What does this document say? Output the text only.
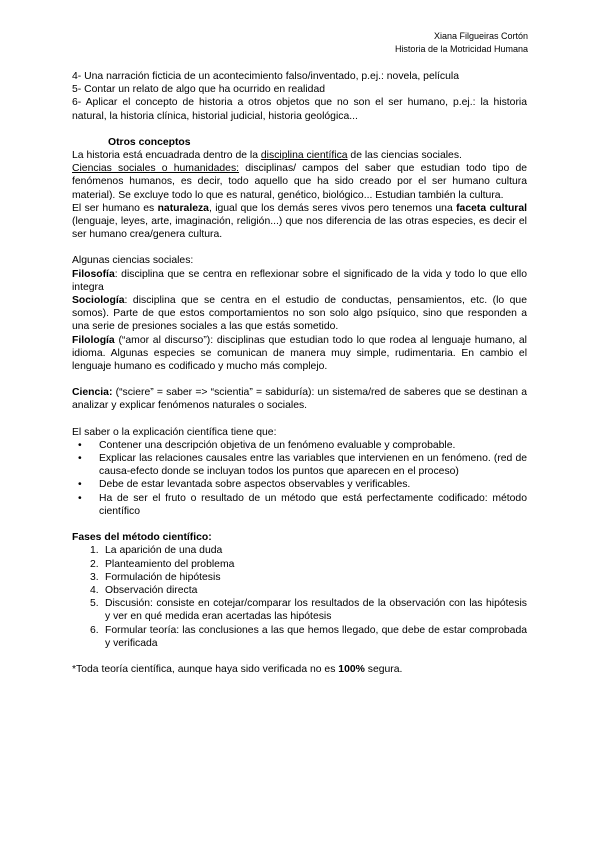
Xiana Filgueiras Cortón
Historia de la Motricidad Humana

4- Una narración ficticia de un acontecimiento falso/inventado, p.ej.: novela, película

5- Contar un relato de algo que ha ocurrido en realidad

6- Aplicar el concepto de historia a otros objetos que no son el ser humano, p.ej.: la historia natural, la historia clínica, historial judicial, historia geológica...

Otros conceptos

La historia está encuadrada dentro de la disciplina científica de las ciencias sociales.

Ciencias sociales o humanidades: disciplinas/ campos del saber que estudian todo tipo de fenómenos humanos, es decir, todo aquello que ha sido creado por el ser humano cultura material). Se excluye todo lo que es natural, genético, biológico... Estudian también la cultura.

El ser humano es naturaleza, igual que los demás seres vivos pero tenemos una faceta cultural (lenguaje, leyes, arte, imaginación, religión...) que nos diferencia de las otras especies, es decir el ser humano crea/genera cultura.

Algunas ciencias sociales:

Filosofía: disciplina que se centra en reflexionar sobre el significado de la vida y todo lo que ello integra

Sociología: disciplina que se centra en el estudio de conductas, pensamientos, etc. (lo que somos). Parte de que estos comportamientos no son solo algo psíquico, sino que responden a una serie de presiones sociales a las que estás sometido.

Filología (“amor al discurso”): disciplinas que estudian todo lo que rodea al lenguaje humano, al idioma. Algunas especies se comunican de manera muy simple, rudimentaria. En cambio el lenguaje humano es codificado y mucho más complejo.

Ciencia: (“sciere” = saber => “scientia” = sabiduría): un sistema/red de saberes que se destinan a analizar y explicar fenómenos naturales o sociales.

El saber o la explicación científica tiene que:

• Contener una descripción objetiva de un fenómeno evaluable y comprobable.
• Explicar las relaciones causales entre las variables que intervienen en un fenómeno. (red de causa-efecto donde se incluyan todos los puntos que aparecen en el proceso)
• Debe de estar levantada sobre aspectos observables y verificables.
• Ha de ser el fruto o resultado de un método que está perfectamente codificado: método científico

Fases del método científico:

1. La aparición de una duda
2. Planteamiento del problema
3. Formulación de hipótesis
4. Observación directa
5. Discusión: consiste en cotejar/comparar los resultados de la observación con las hipótesis y ver en qué medida eran acertadas las hipótesis
6. Formular teoría: las conclusiones a las que hemos llegado, que debe de estar comprobada y verificada

*Toda teoría científica, aunque haya sido verificada no es 100% segura.
